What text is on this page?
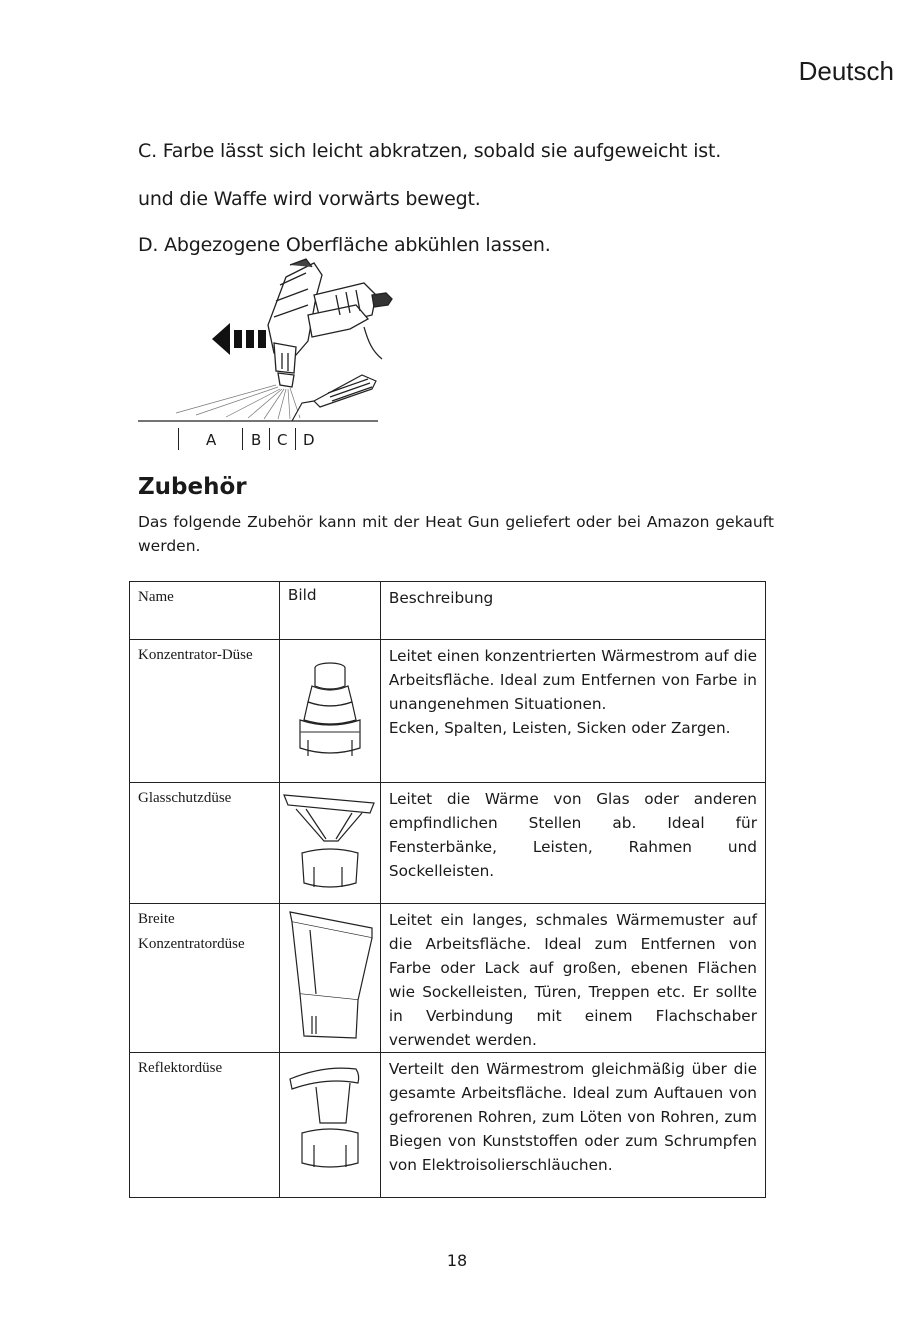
Deutsch
C. Farbe lässt sich leicht abkratzen, sobald sie aufgeweicht ist.
und die Waffe wird vorwärts bewegt.
D. Abgezogene Oberfläche abkühlen lassen.
A B C D
Zubehör
Das folgende Zubehör kann mit der Heat Gun geliefert oder bei Amazon gekauft werden.
Name	Bild	Beschreibung
Konzentrator-Düse		Leitet einen konzentrierten Wärmestrom auf die Arbeitsfläche. Ideal zum Entfernen von Farbe in unangenehmen Situationen.
Ecken, Spalten, Leisten, Sicken oder Zargen.

Glasschutzdüse		Leitet die Wärme von Glas oder anderen empfindlichen Stellen ab. Ideal für Fensterbänke, Leisten, Rahmen und Sockelleisten.
Breite Konzentratordüse		Leitet ein langes, schmales Wärmemuster auf die Arbeitsfläche. Ideal zum Entfernen von Farbe oder Lack auf großen, ebenen Flächen wie Sockelleisten, Türen, Treppen etc. Er sollte in Verbindung mit einem Flachschaber verwendet werden.
Reflektordüse		Verteilt den Wärmestrom gleichmäßig über die gesamte Arbeitsfläche. Ideal zum Auftauen von gefrorenen Rohren, zum Löten von Rohren, zum Biegen von Kunststoffen oder zum Schrumpfen von Elektroisolierschläuchen.
18
